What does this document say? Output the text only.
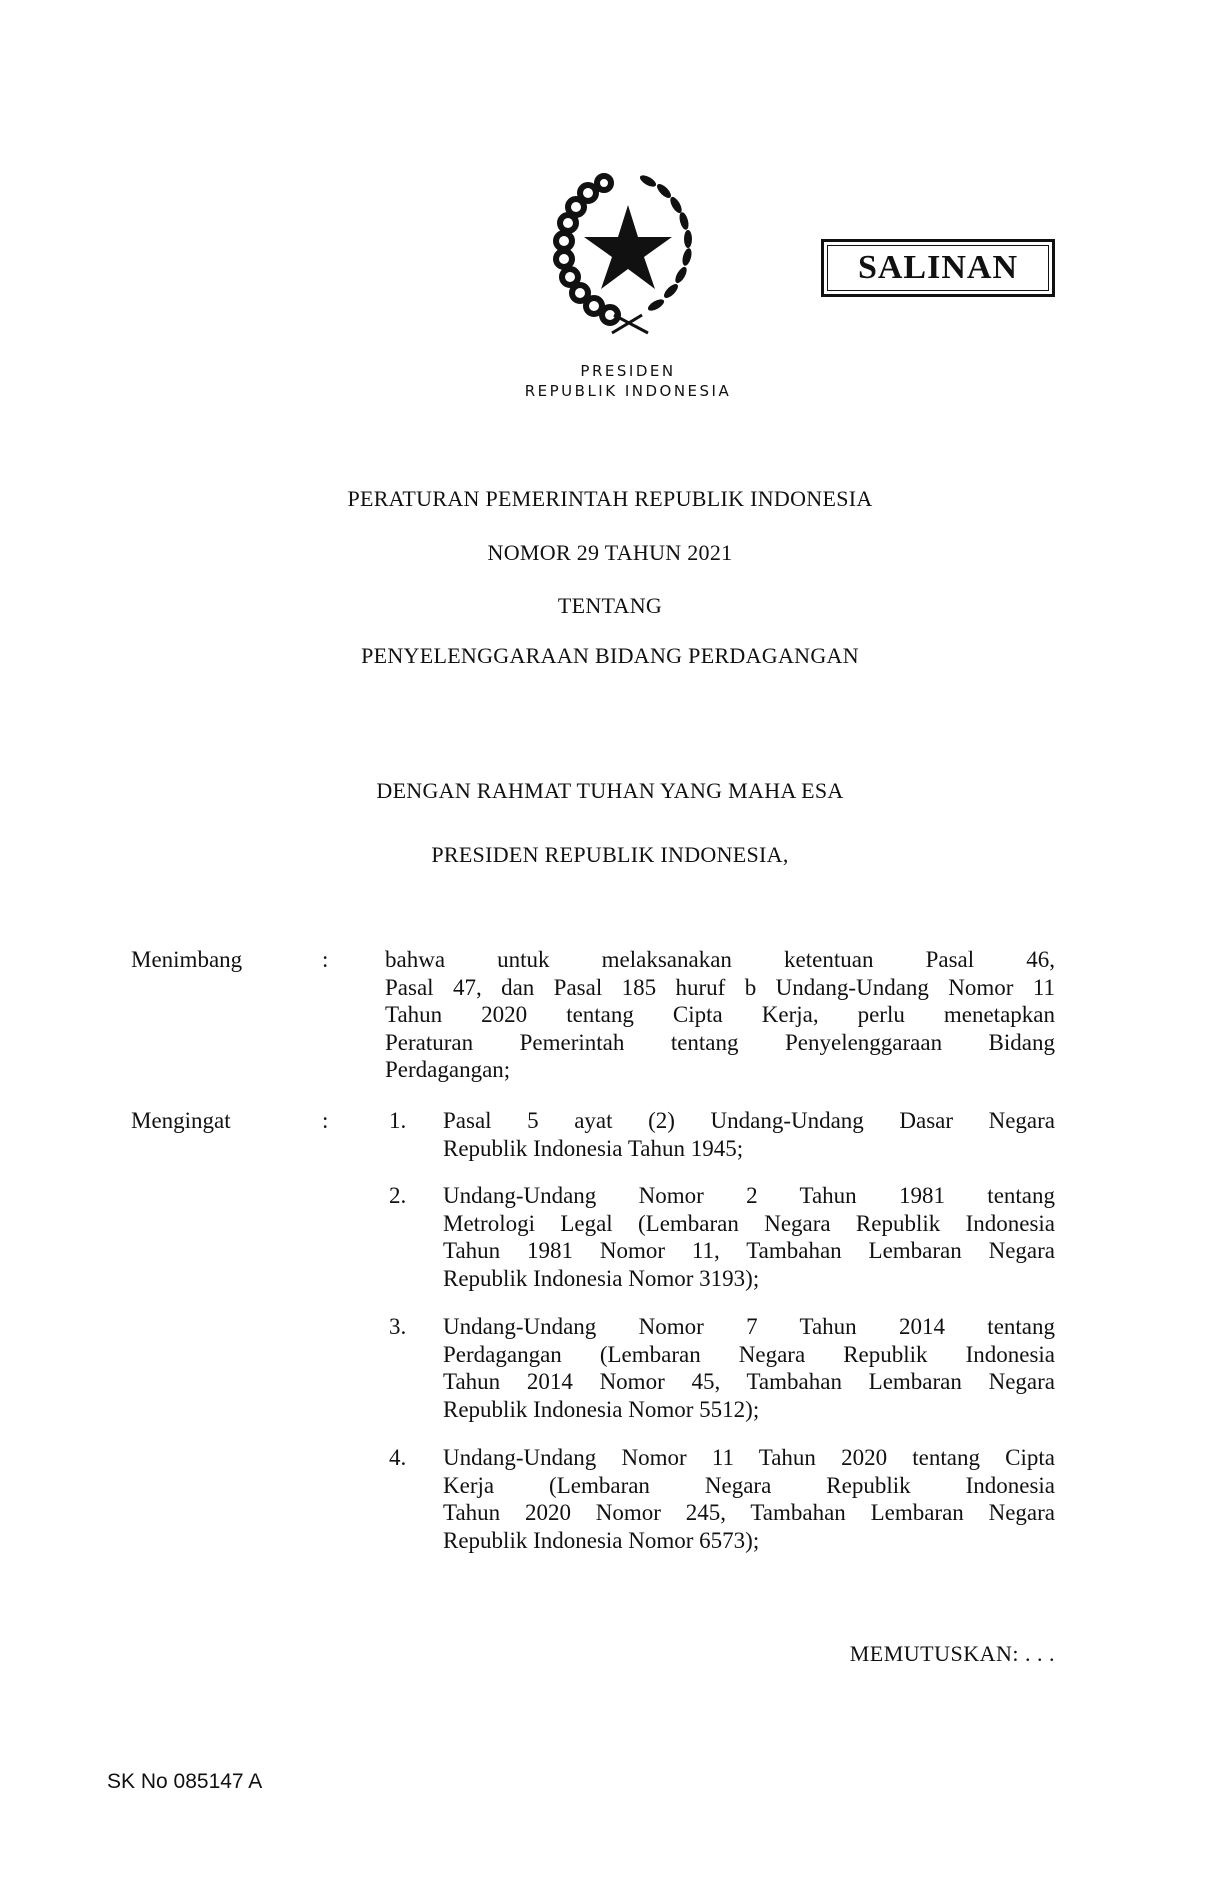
SALINAN
PRESIDEN
REPUBLIK INDONESIA
PERATURAN PEMERINTAH REPUBLIK INDONESIA
NOMOR 29 TAHUN 2021
TENTANG
PENYELENGGARAAN BIDANG PERDAGANGAN
DENGAN RAHMAT TUHAN YANG MAHA ESA
PRESIDEN REPUBLIK INDONESIA,
Menimbang	: bahwa untuk melaksanakan ketentuan Pasal 46,
Pasal 47, dan Pasal 185 huruf b Undang-Undang Nomor 11
Tahun 2020 tentang Cipta Kerja, perlu menetapkan
Peraturan Pemerintah tentang Penyelenggaraan Bidang
Perdagangan;
Mengingat	:	1. Pasal 5 ayat (2) Undang-Undang Dasar Negara
Republik Indonesia Tahun 1945;
2. Undang-Undang Nomor 2 Tahun 1981 tentang
Metrologi Legal (Lembaran Negara Republik Indonesia
Tahun 1981 Nomor 11, Tambahan Lembaran Negara
Republik Indonesia Nomor 3193);
3. Undang-Undang Nomor 7 Tahun 2014 tentang
Perdagangan (Lembaran Negara Republik Indonesia
Tahun 2014 Nomor 45, Tambahan Lembaran Negara
Republik Indonesia Nomor 5512);
4. Undang-Undang Nomor 11 Tahun 2020 tentang Cipta
Kerja (Lembaran Negara Republik Indonesia
Tahun 2020 Nomor 245, Tambahan Lembaran Negara
Republik Indonesia Nomor 6573);
MEMUTUSKAN: . . .
SK No 085147 A
